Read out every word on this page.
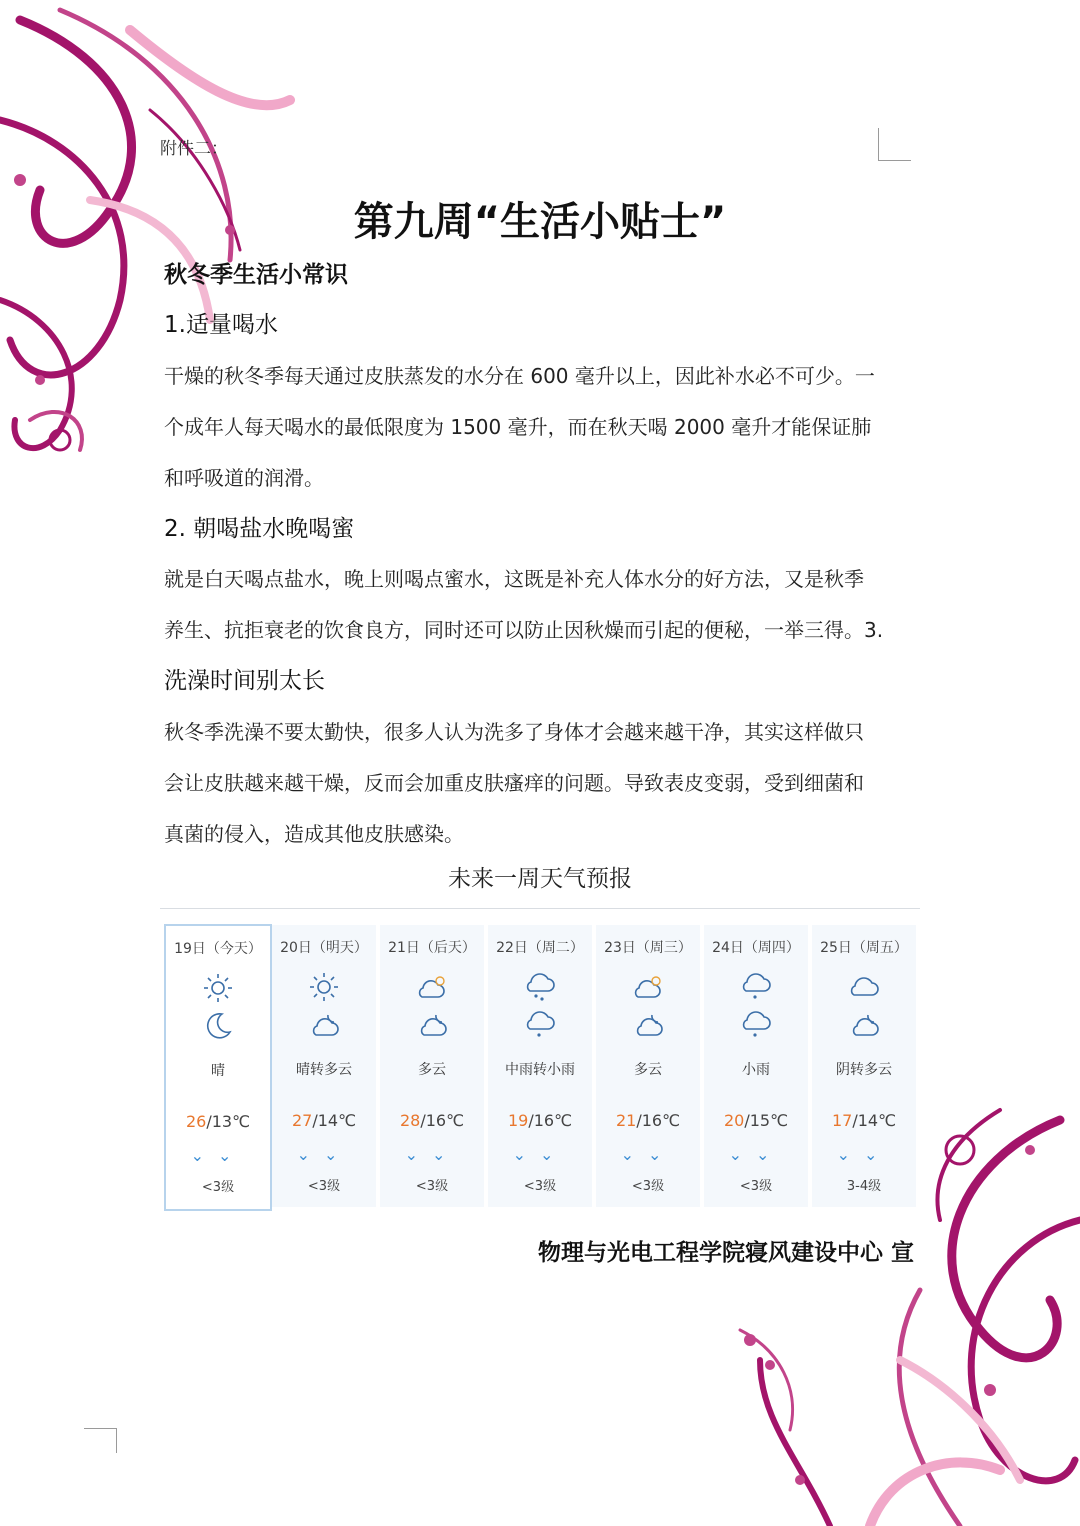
附件二：
第九周“生活小贴士”
秋冬季生活小常识
1.适量喝水
干燥的秋冬季每天通过皮肤蒸发的水分在 600 毫升以上，因此补水必不可少。一
个成年人每天喝水的最低限度为 1500 毫升，而在秋天喝 2000 毫升才能保证肺
和呼吸道的润滑。
2. 朝喝盐水晚喝蜜
就是白天喝点盐水，晚上则喝点蜜水，这既是补充人体水分的好方法，又是秋季
养生、抗拒衰老的饮食良方，同时还可以防止因秋燥而引起的便秘，一举三得。3.
洗澡时间别太长
秋冬季洗澡不要太勤快，很多人认为洗多了身体才会越来越干净，其实这样做只
会让皮肤越来越干燥，反而会加重皮肤瘙痒的问题。导致表皮变弱，受到细菌和
真菌的侵入，造成其他皮肤感染。
未来一周天气预报
19日（今天）
晴
26/13℃
⌄⌄
<3级
20日（明天）
晴转多云
27/14℃
⌄⌄
<3级
21日（后天）
多云
28/16℃
⌄⌄
<3级
22日（周二）
中雨转小雨
19/16℃
⌄⌄
<3级
23日（周三）
多云
21/16℃
⌄⌄
<3级
24日（周四）
小雨
20/15℃
⌄⌄
<3级
25日（周五）
阴转多云
17/14℃
⌄⌄
3-4级
物理与光电工程学院寝风建设中心 宣
